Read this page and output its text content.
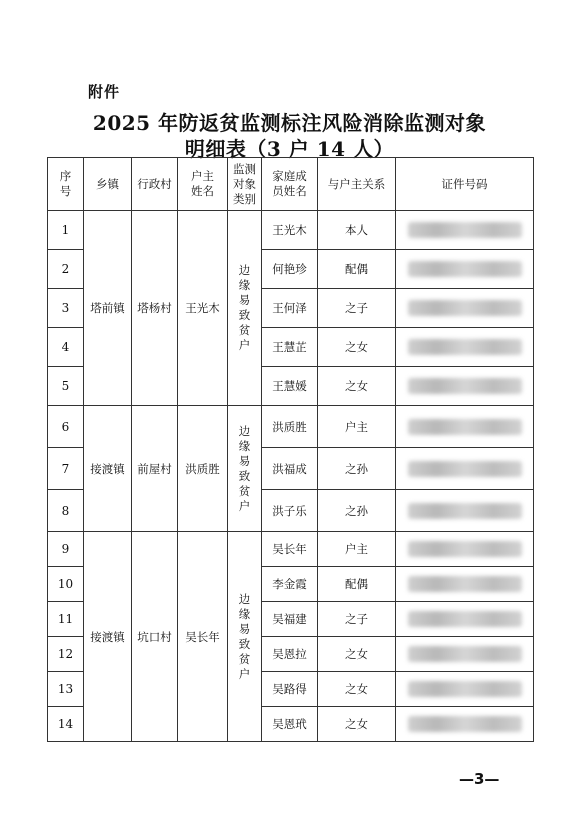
附件
2025 年防返贫监测标注风险消除监测对象
明细表（3 户 14 人）
序号	乡镇	行政村	户主姓名	监测对象类别	家庭成员姓名	与户主关系	证件号码
1	塔前镇	塔杨村	王光木	边缘易致贫户	王光木	本人	

2					何艳珍	配偶	

3					王何泽	之子	

4					王慧芷	之女	

5					王慧媛	之女	

6	接渡镇	前屋村	洪质胜	边缘易致贫户	洪质胜	户主	

7					洪福成	之孙	

8					洪子乐	之孙	

9	接渡镇	坑口村	吴长年	边缘易致贫户	吴长年	户主	

10					李金霞	配偶	

11					吴福建	之子	

12					吴恩拉	之女	

13					吴路得	之女	

14					吴恩玳	之女	
—3—
